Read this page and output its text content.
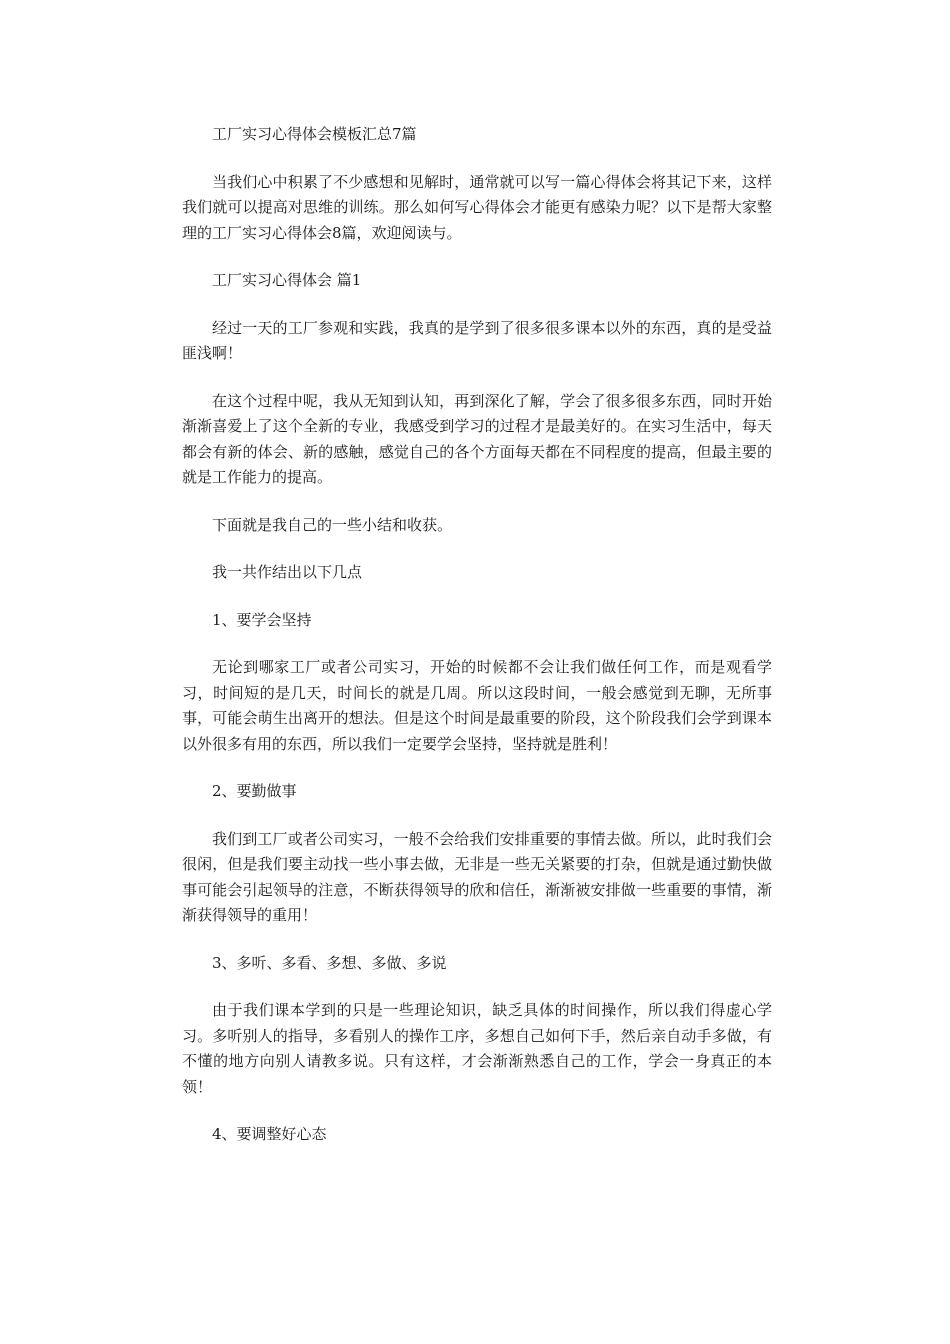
工厂实习心得体会模板汇总7篇

当我们心中积累了不少感想和见解时，通常就可以写一篇心得体会将其记下来，这样我们就可以提高对思维的训练。那么如何写心得体会才能更有感染力呢？以下是帮大家整理的工厂实习心得体会8篇，欢迎阅读与。

工厂实习心得体会 篇1

经过一天的工厂参观和实践，我真的是学到了很多很多课本以外的东西，真的是受益匪浅啊！

在这个过程中呢，我从无知到认知，再到深化了解，学会了很多很多东西，同时开始渐渐喜爱上了这个全新的专业，我感受到学习的过程才是最美好的。在实习生活中，每天都会有新的体会、新的感触，感觉自己的各个方面每天都在不同程度的提高，但最主要的就是工作能力的提高。

下面就是我自己的一些小结和收获。

我一共作结出以下几点

1、要学会坚持

无论到哪家工厂或者公司实习，开始的时候都不会让我们做任何工作，而是观看学习，时间短的是几天，时间长的就是几周。所以这段时间，一般会感觉到无聊，无所事事，可能会萌生出离开的想法。但是这个时间是最重要的阶段，这个阶段我们会学到课本以外很多有用的东西，所以我们一定要学会坚持，坚持就是胜利！

2、要勤做事

我们到工厂或者公司实习，一般不会给我们安排重要的事情去做。所以，此时我们会很闲，但是我们要主动找一些小事去做，无非是一些无关紧要的打杂，但就是通过勤快做事可能会引起领导的注意，不断获得领导的欣和信任，渐渐被安排做一些重要的事情，渐渐获得领导的重用！

3、多听、多看、多想、多做、多说

由于我们课本学到的只是一些理论知识，缺乏具体的时间操作，所以我们得虚心学习。多听别人的指导，多看别人的操作工序，多想自己如何下手，然后亲自动手多做，有不懂的地方向别人请教多说。只有这样，才会渐渐熟悉自己的工作，学会一身真正的本领！

4、要调整好心态
